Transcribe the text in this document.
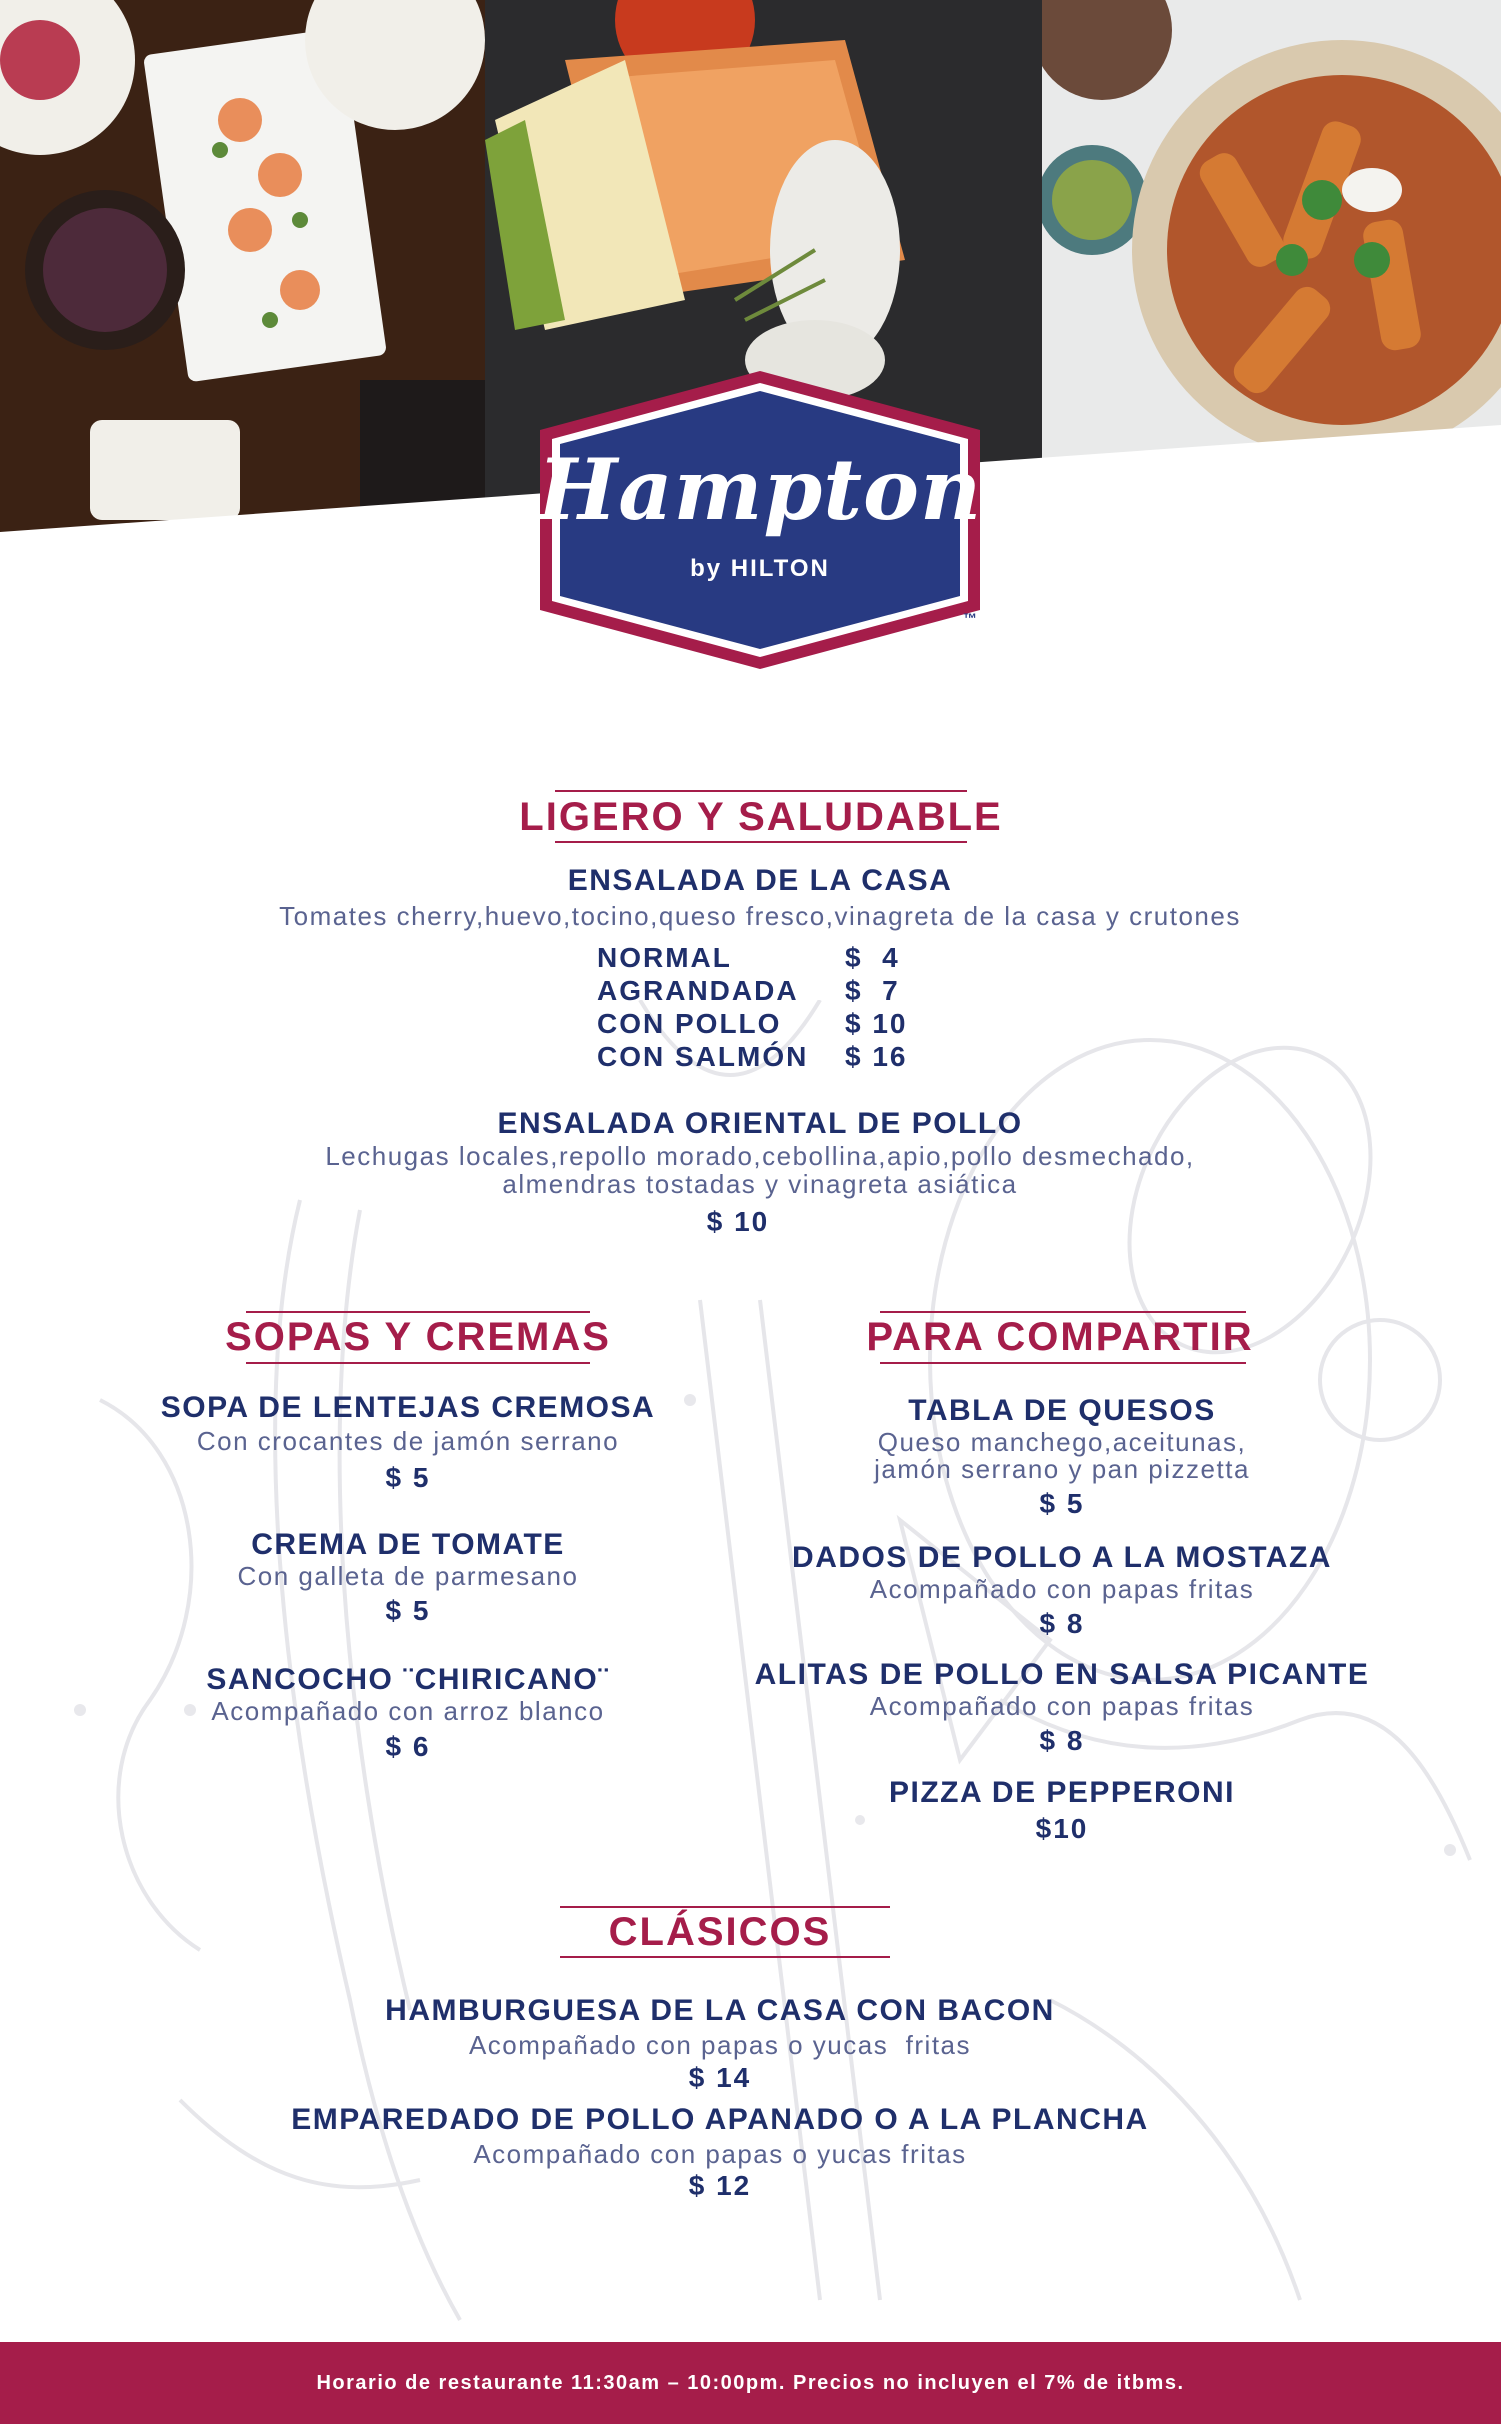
Hampton
by HILTON
™
LIGERO Y SALUDABLE
ENSALADA DE LA CASA
Tomates cherry,huevo,tocino,queso fresco,vinagreta de la casa y crutones
NORMAL	$  4
AGRANDADA	$  7
CON POLLO	$ 10
CON SALMÓN	$ 16
ENSALADA ORIENTAL DE POLLO
Lechugas locales,repollo morado,cebollina,apio,pollo desmechado,
almendras tostadas y vinagreta asiática
$ 10
SOPAS Y CREMAS
SOPA DE LENTEJAS CREMOSA
Con crocantes de jamón serrano
$ 5
CREMA DE TOMATE
Con galleta de parmesano
$ 5
SANCOCHO ¨CHIRICANO¨
Acompañado con arroz blanco
$ 6
PARA COMPARTIR
TABLA DE QUESOS
Queso manchego,aceitunas,
jamón serrano y pan pizzetta
$ 5
DADOS DE POLLO A LA MOSTAZA
Acompañado con papas fritas
$ 8
ALITAS DE POLLO EN SALSA PICANTE
Acompañado con papas fritas
$ 8
PIZZA DE PEPPERONI
$10
CLÁSICOS
HAMBURGUESA DE LA CASA CON BACON
Acompañado con papas o yucas  fritas
$ 14
EMPAREDADO DE POLLO APANADO O A LA PLANCHA
Acompañado con papas o yucas fritas
$ 12
Horario de restaurante 11:30am – 10:00pm. Precios no incluyen el 7% de itbms.
